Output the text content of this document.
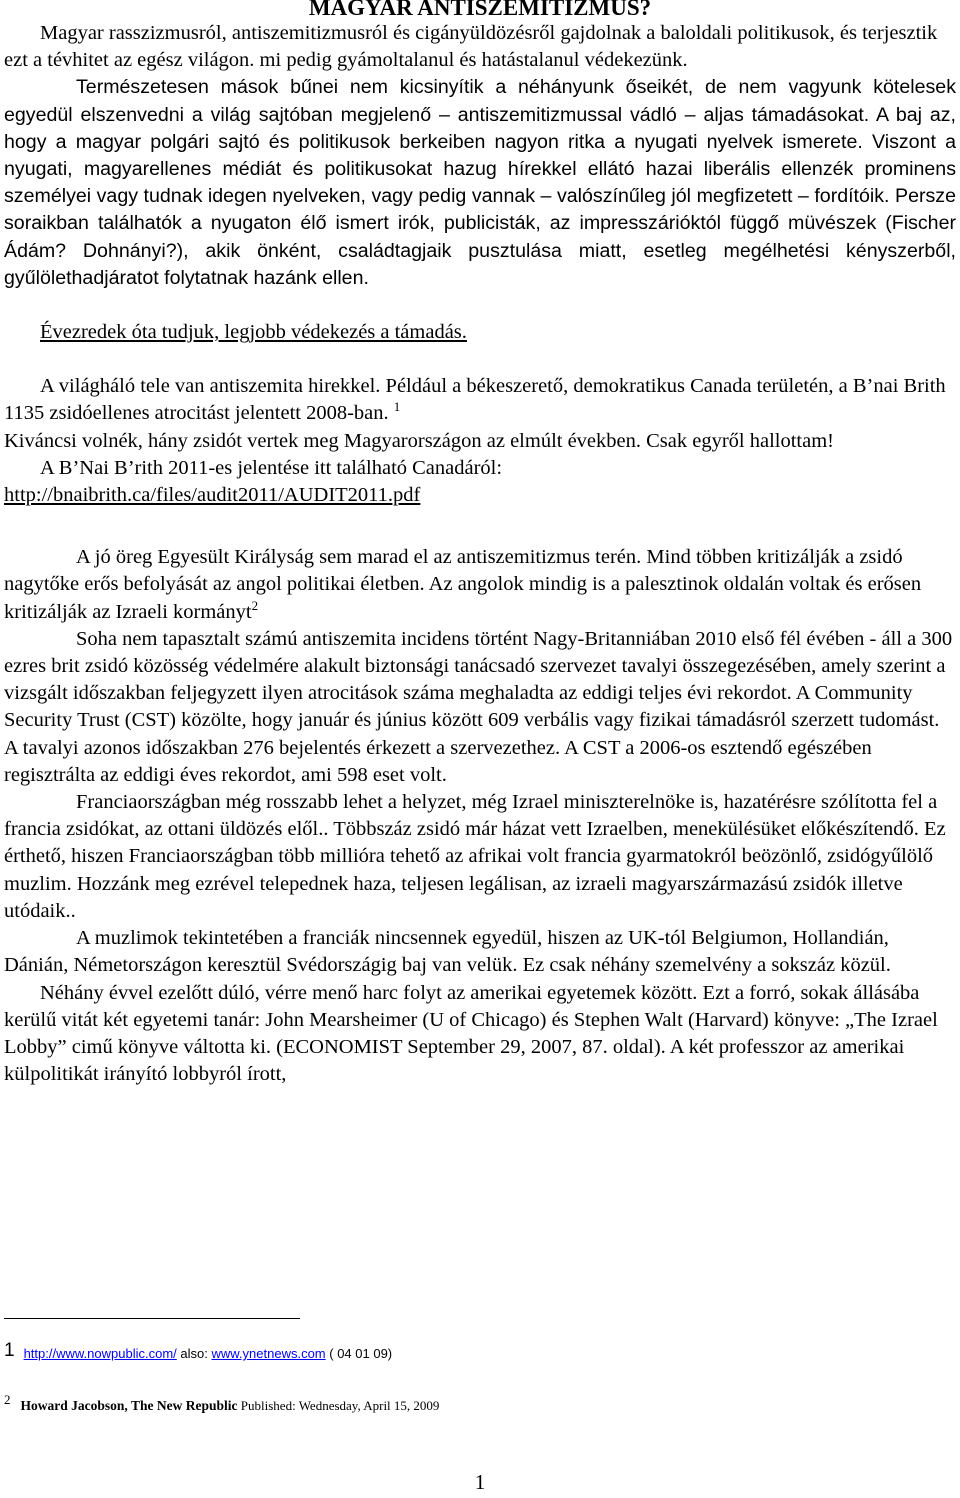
MAGYAR ANTISZEMITIZMUS?

Magyar rasszizmusról, antiszemitizmusról és cigányüldözésről gajdolnak a baloldali politikusok, és terjesztik ezt a tévhitet az egész világon. mi pedig gyámoltalanul és hatástalanul védekezünk.

Természetesen mások bűnei nem kicsinyítik a néhányunk őseikét, de nem vagyunk kötelesek egyedül elszenvedni a világ sajtóban megjelenő – antiszemitizmussal vádló – aljas támadásokat. A baj az, hogy a magyar polgári sajtó és politikusok berkeiben nagyon ritka a nyugati nyelvek ismerete. Viszont a nyugati, magyarellenes médiát és politikusokat hazug hírekkel ellátó hazai liberális ellenzék prominens személyei vagy tudnak idegen nyelveken, vagy pedig vannak – valószínűleg jól megfizetett – fordítóik. Persze soraikban találhatók a nyugaton élő ismert irók, publicisták, az impresszárióktól függő müvészek (Fischer Ádám? Dohnányi?), akik önként, családtagjaik pusztulása miatt, esetleg megélhetési kényszerből, gyűlölethadjáratot folytatnak hazánk ellen.

Évezredek óta tudjuk, legjobb védekezés a támadás.

A világháló tele van antiszemita hirekkel. Például a békeszerető, demokratikus Canada területén, a B’nai Brith 1135 zsidóellenes atrocitást jelentett 2008-ban. $^1$

Kiváncsi volnék, hány zsidót vertek meg Magyarországon az elmúlt években. Csak egyről hallottam!

A B’Nai B’rith 2011-es jelentése itt található Canadáról:

http://bnaibrith.ca/files/audit2011/AUDIT2011.pdf

A jó öreg Egyesült Királyság sem marad el az antiszemitizmus terén. Mind többen kritizálják a zsidó nagytőke erős befolyását az angol politikai életben. Az angolok mindig is a palesztinok oldalán voltak és erősen kritizálják az Izraeli kormányt$^2$

Soha nem tapasztalt számú antiszemita incidens történt Nagy-Britanniában 2010 első fél évében - áll a 300 ezres brit zsidó közösség védelmére alakult biztonsági tanácsadó szervezet tavalyi összegezésében, amely szerint a vizsgált időszakban feljegyzett ilyen atrocitások száma meghaladta az eddigi teljes évi rekordot. A Community Security Trust (CST) közölte, hogy január és június között 609 verbális vagy fizikai támadásról szerzett tudomást. A tavalyi azonos időszakban 276 bejelentés érkezett a szervezethez. A CST a 2006-os esztendő egészében regisztrálta az eddigi éves rekordot, ami 598 eset volt.

Franciaországban még rosszabb lehet a helyzet, még Izrael miniszterelnöke is, hazatérésre szólította fel a francia zsidókat, az ottani üldözés elől.. Többszáz zsidó már házat vett Izraelben, menekülésüket előkészítendő. Ez érthető, hiszen Franciaországban több millióra tehető az afrikai volt francia gyarmatokról beözönlő, zsidógyűlölő muzlim. Hozzánk meg ezrével telepednek haza, teljesen legálisan, az izraeli magyarszármazású zsidók illetve utódaik..

A muzlimok tekintetében a franciák nincsennek egyedül, hiszen az UK-tól Belgiumon, Hollandián, Dánián, Németországon keresztül Svédországig baj van velük. Ez csak néhány szemelvény a sokszáz közül.

Néhány évvel ezelőtt dúló, vérre menő harc folyt az amerikai egyetemek között. Ezt a forró, sokak állásába kerülű vitát két egyetemi tanár: John Mearsheimer (U of Chicago) és Stephen Walt (Harvard) könyve: „The Izrael Lobby” cimű könyve váltotta ki. (ECONOMIST September 29, 2007, 87. oldal). A két professzor az amerikai külpolitikát irányító lobbyról írott,

1 http://www.nowpublic.com/ also: www.ynetnews.com ( 04 01 09)
2 Howard Jacobson, The New Republic Published: Wednesday, April 15, 2009
1
